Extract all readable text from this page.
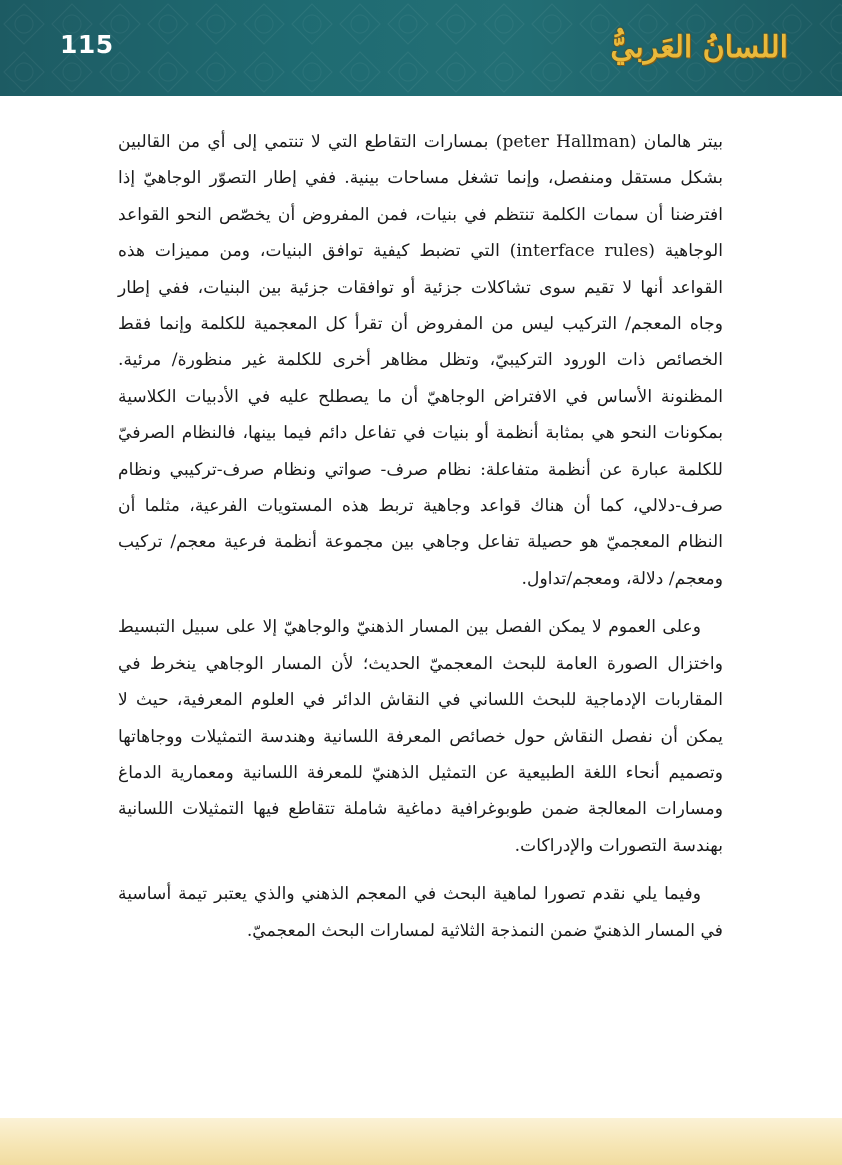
115	اللسانُ العَربيُّ

بيتر هالمان (peter Hallman) بمسارات التقاطع التي لا تنتمي إلى أي من القالبين بشكل مستقل ومنفصل، وإنما تشغل مساحات بينية. ففي إطار التصوّر الوجاهيّ إذا افترضنا أن سمات الكلمة تنتظم في بنيات، فمن المفروض أن يخصّص النحو القواعد الوجاهية (interface rules) التي تضبط كيفية توافق البنيات، ومن مميزات هذه القواعد أنها لا تقيم سوى تشاكلات جزئية أو توافقات جزئية بين البنيات، ففي إطار وجاه المعجم/ التركيب ليس من المفروض أن تقرأ كل المعجمية للكلمة وإنما فقط الخصائص ذات الورود التركيبيّ، وتظل مظاهر أخرى للكلمة غير منظورة/ مرئية. المظنونة الأساس في الافتراض الوجاهيّ أن ما يصطلح عليه في الأدبيات الكلاسية بمكونات النحو هي بمثابة أنظمة أو بنيات في تفاعل دائم فيما بينها، فالنظام الصرفيّ للكلمة عبارة عن أنظمة متفاعلة: نظام صرف- صواتي ونظام صرف-تركيبي ونظام صرف-دلالي، كما أن هناك قواعد وجاهية تربط هذه المستويات الفرعية، مثلما أن النظام المعجميّ هو حصيلة تفاعل وجاهي بين مجموعة أنظمة فرعية معجم/ تركيب ومعجم/ دلالة، ومعجم/تداول.

وعلى العموم لا يمكن الفصل بين المسار الذهنيّ والوجاهيّ إلا على سبيل التبسيط واختزال الصورة العامة للبحث المعجميّ الحديث؛ لأن المسار الوجاهي ينخرط في المقاربات الإدماجية للبحث اللساني في النقاش الدائر في العلوم المعرفية، حيث لا يمكن أن نفصل النقاش حول خصائص المعرفة اللسانية وهندسة التمثيلات ووجاهاتها وتصميم أنحاء اللغة الطبيعية عن التمثيل الذهنيّ للمعرفة اللسانية ومعمارية الدماغ ومسارات المعالجة ضمن طوبوغرافية دماغية شاملة تتقاطع فيها التمثيلات اللسانية بهندسة التصورات والإدراكات.

وفيما يلي نقدم تصورا لماهية البحث في المعجم الذهني والذي يعتبر تيمة أساسية في المسار الذهنيّ ضمن النمذجة الثلاثية لمسارات البحث المعجميّ.
